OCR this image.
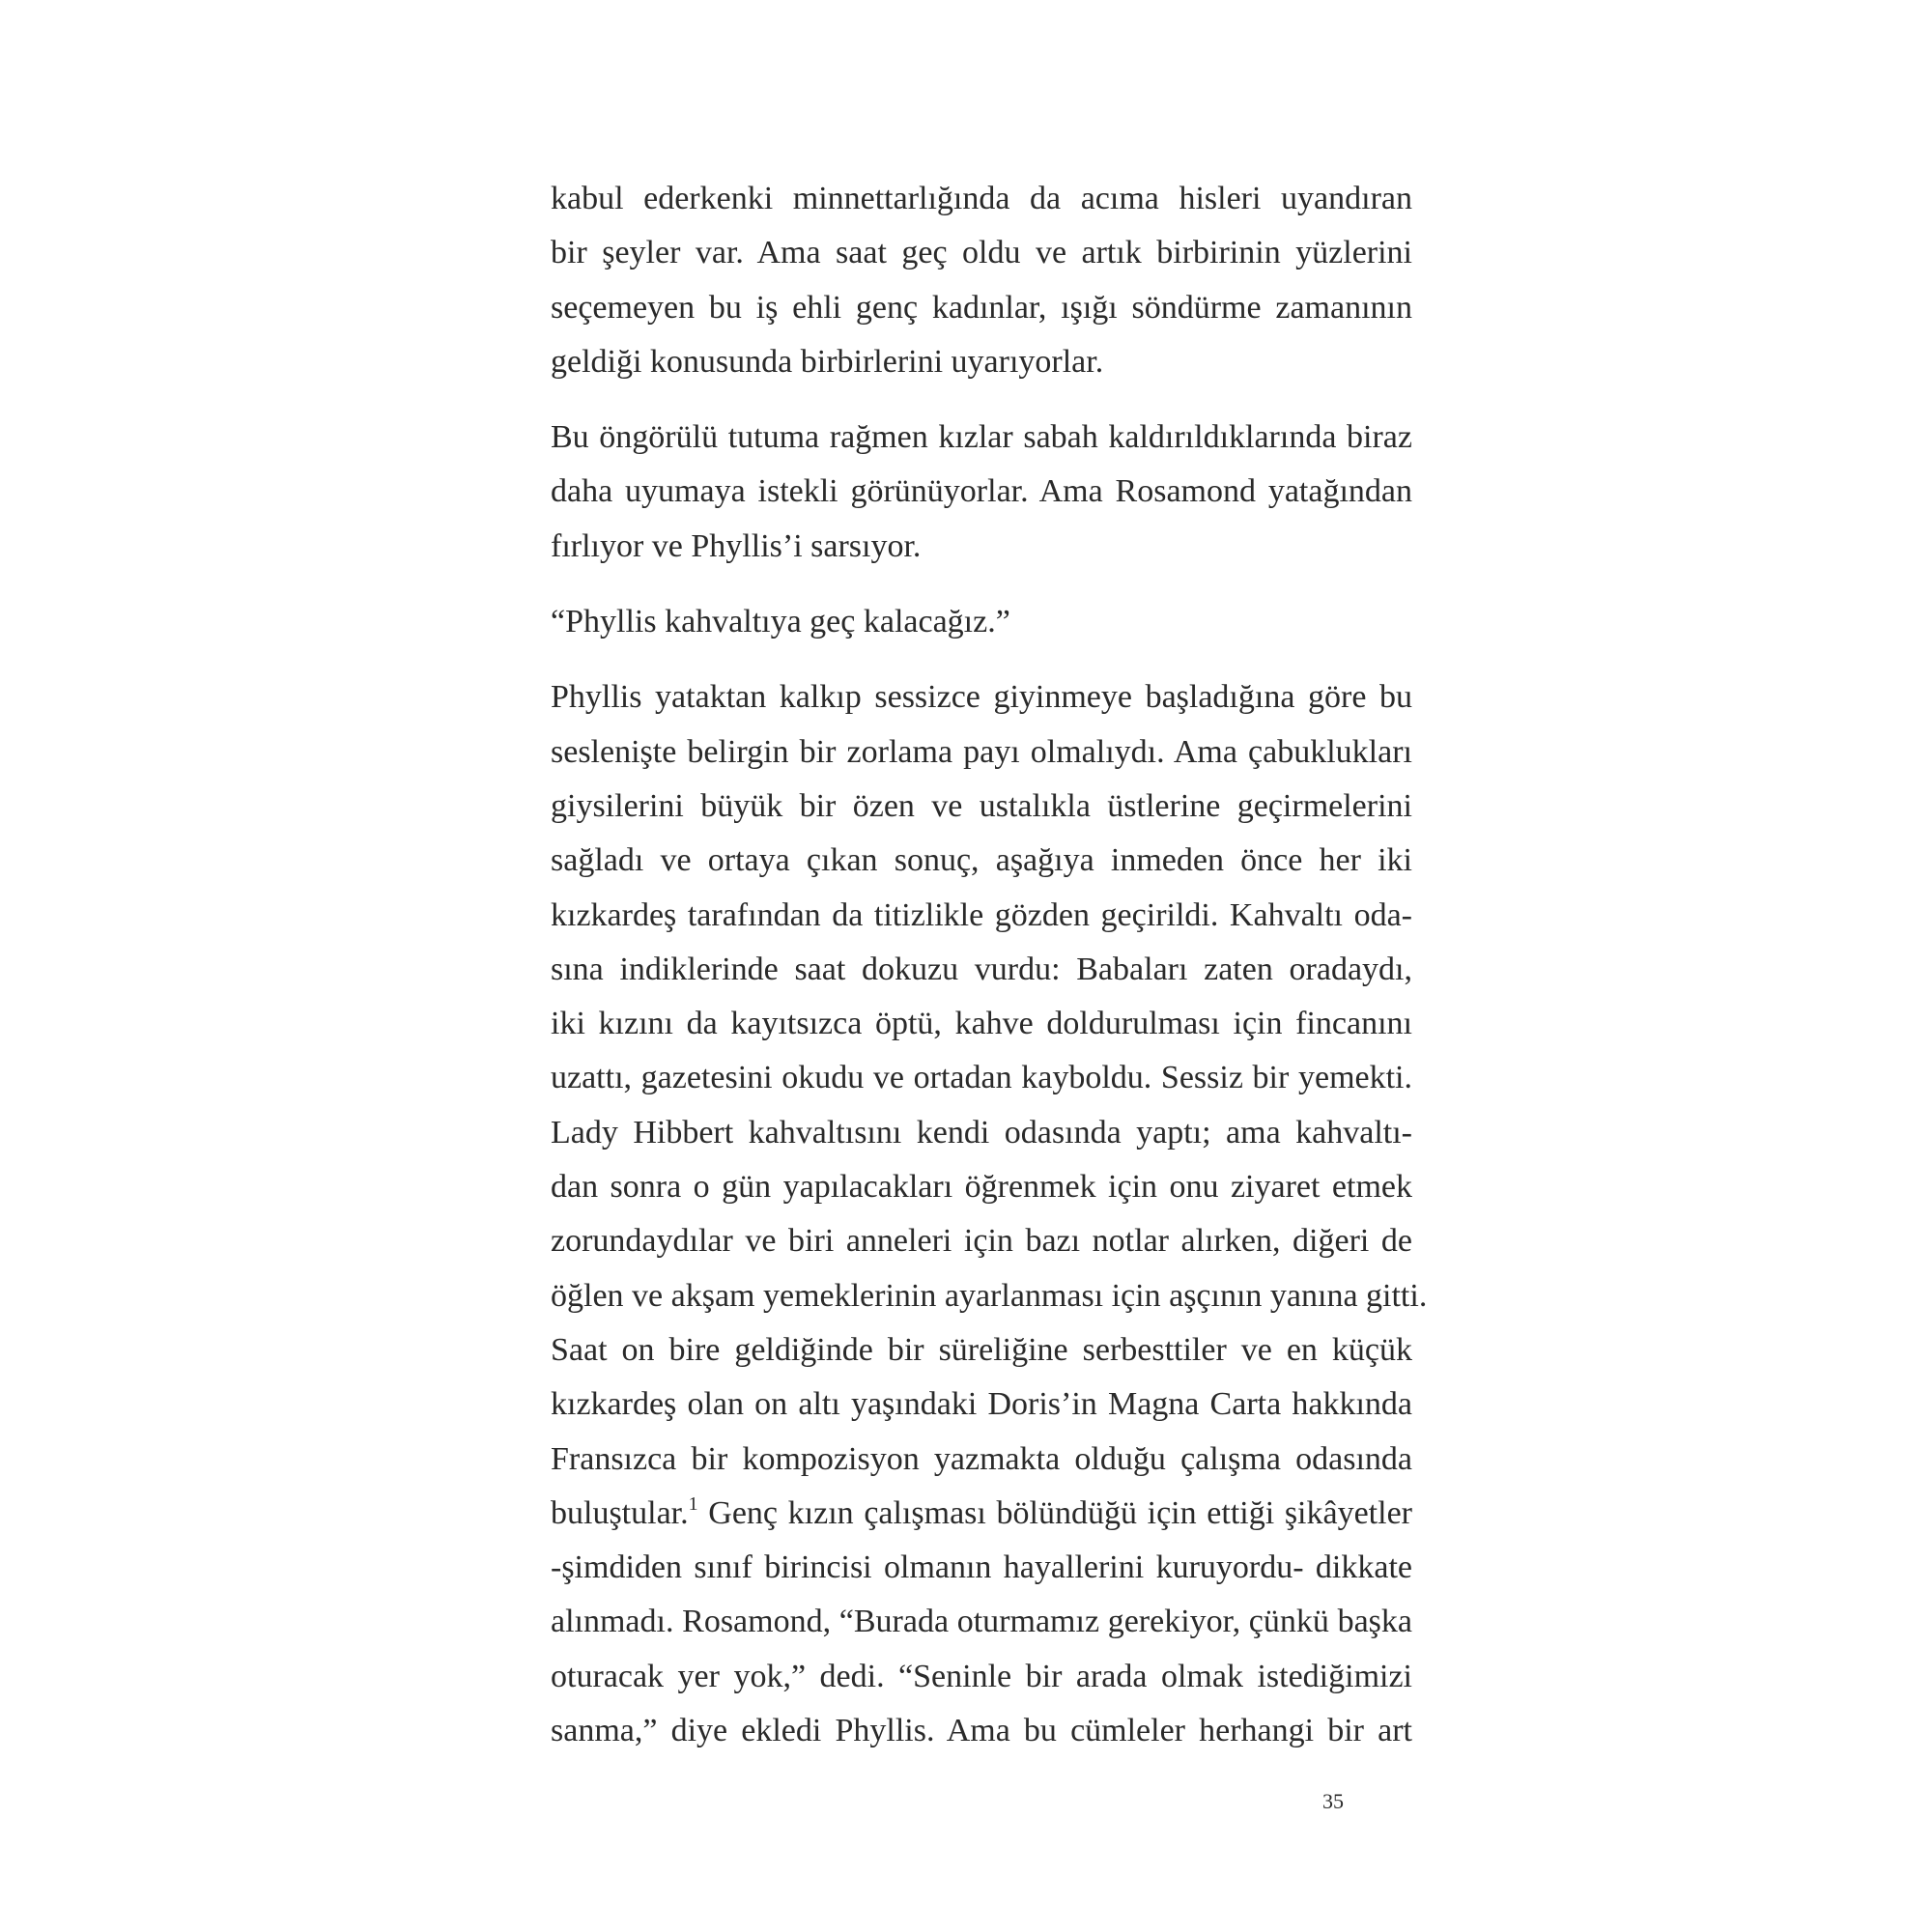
kabul ederkenki minnettarlığında da acıma hisleri uyandıran
bir şeyler var. Ama saat geç oldu ve artık birbirinin yüzlerini
seçemeyen bu iş ehli genç kadınlar, ışığı söndürme zamanının
geldiği konusunda birbirlerini uyarıyorlar.

Bu öngörülü tutuma rağmen kızlar sabah kaldırıldıklarında biraz
daha uyumaya istekli görünüyorlar. Ama Rosamond yatağından
fırlıyor ve Phyllis’i sarsıyor.

“Phyllis kahvaltıya geç kalacağız.”

Phyllis yataktan kalkıp sessizce giyinmeye başladığına göre bu
seslenişte belirgin bir zorlama payı olmalıydı. Ama çabuklukları
giysilerini büyük bir özen ve ustalıkla üstlerine geçirmelerini
sağladı ve ortaya çıkan sonuç, aşağıya inmeden önce her iki
kızkardeş tarafından da titizlikle gözden geçirildi. Kahvaltı oda-
sına indiklerinde saat dokuzu vurdu: Babaları zaten oradaydı,
iki kızını da kayıtsızca öptü, kahve doldurulması için fincanını
uzattı, gazetesini okudu ve ortadan kayboldu. Sessiz bir yemekti.
Lady Hibbert kahvaltısını kendi odasında yaptı; ama kahvaltı-
dan sonra o gün yapılacakları öğrenmek için onu ziyaret etmek
zorundaydılar ve biri anneleri için bazı notlar alırken, diğeri de
öğlen ve akşam yemeklerinin ayarlanması için aşçının yanına gitti.
Saat on bire geldiğinde bir süreliğine serbesttiler ve en küçük
kızkardeş olan on altı yaşındaki Doris’in Magna Carta hakkında
Fransızca bir kompozisyon yazmakta olduğu çalışma odasında
buluştular.$^1$ Genç kızın çalışması bölündüğü için ettiği şikâyetler
-şimdiden sınıf birincisi olmanın hayallerini kuruyordu- dikkate
alınmadı. Rosamond, “Burada oturmamız gerekiyor, çünkü başka
oturacak yer yok,” dedi. “Seninle bir arada olmak istediğimizi
sanma,” diye ekledi Phyllis. Ama bu cümleler herhangi bir art

35
